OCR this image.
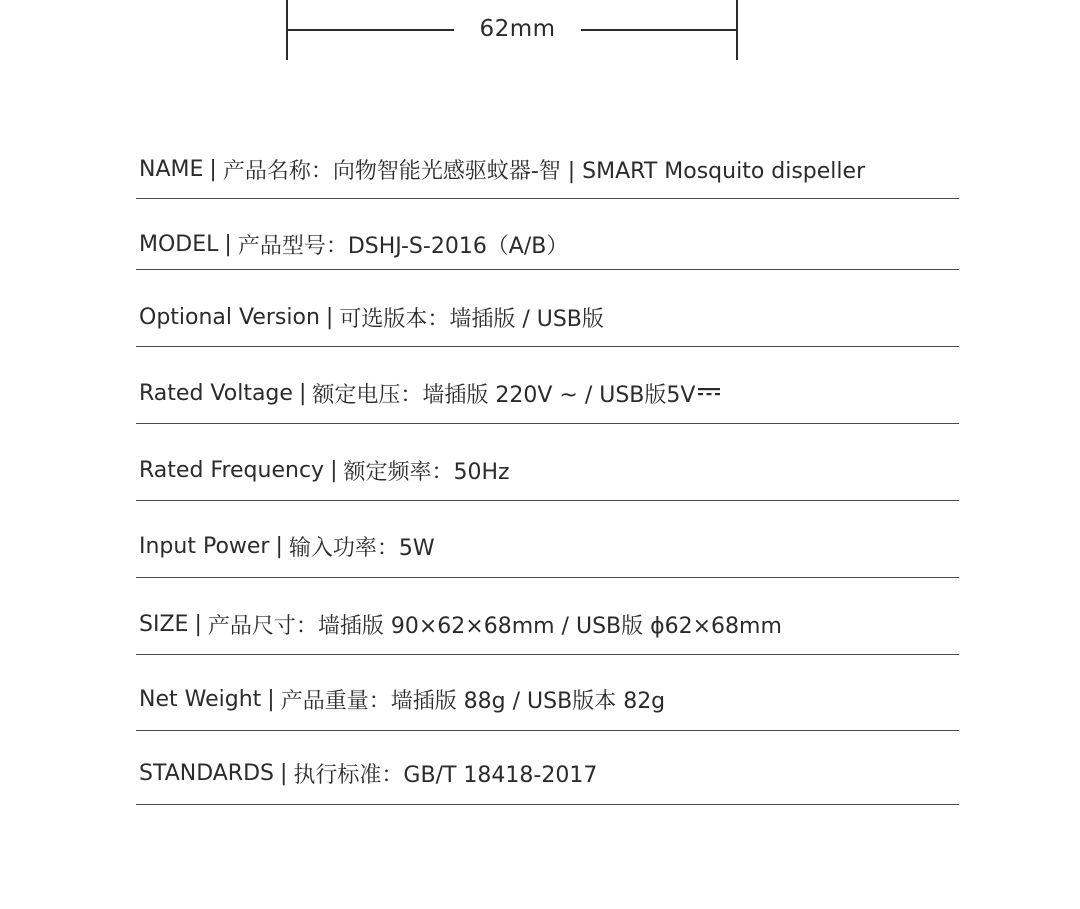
62mm
NAME | 产品名称：向物智能光感驱蚊器-智 | SMART Mosquito dispeller
MODEL | 产品型号：DSHJ-S-2016（A/B）
Optional Version | 可选版本：墙插版 / USB版
Rated Voltage | 额定电压：墙插版 220V ~ / USB版5V
Rated Frequency | 额定频率：50Hz
Input Power | 输入功率：5W
SIZE | 产品尺寸：墙插版 90×62×68mm / USB版 ϕ62×68mm
Net Weight | 产品重量：墙插版 88g / USB版本 82g
STANDARDS | 执行标准：GB/T 18418-2017
